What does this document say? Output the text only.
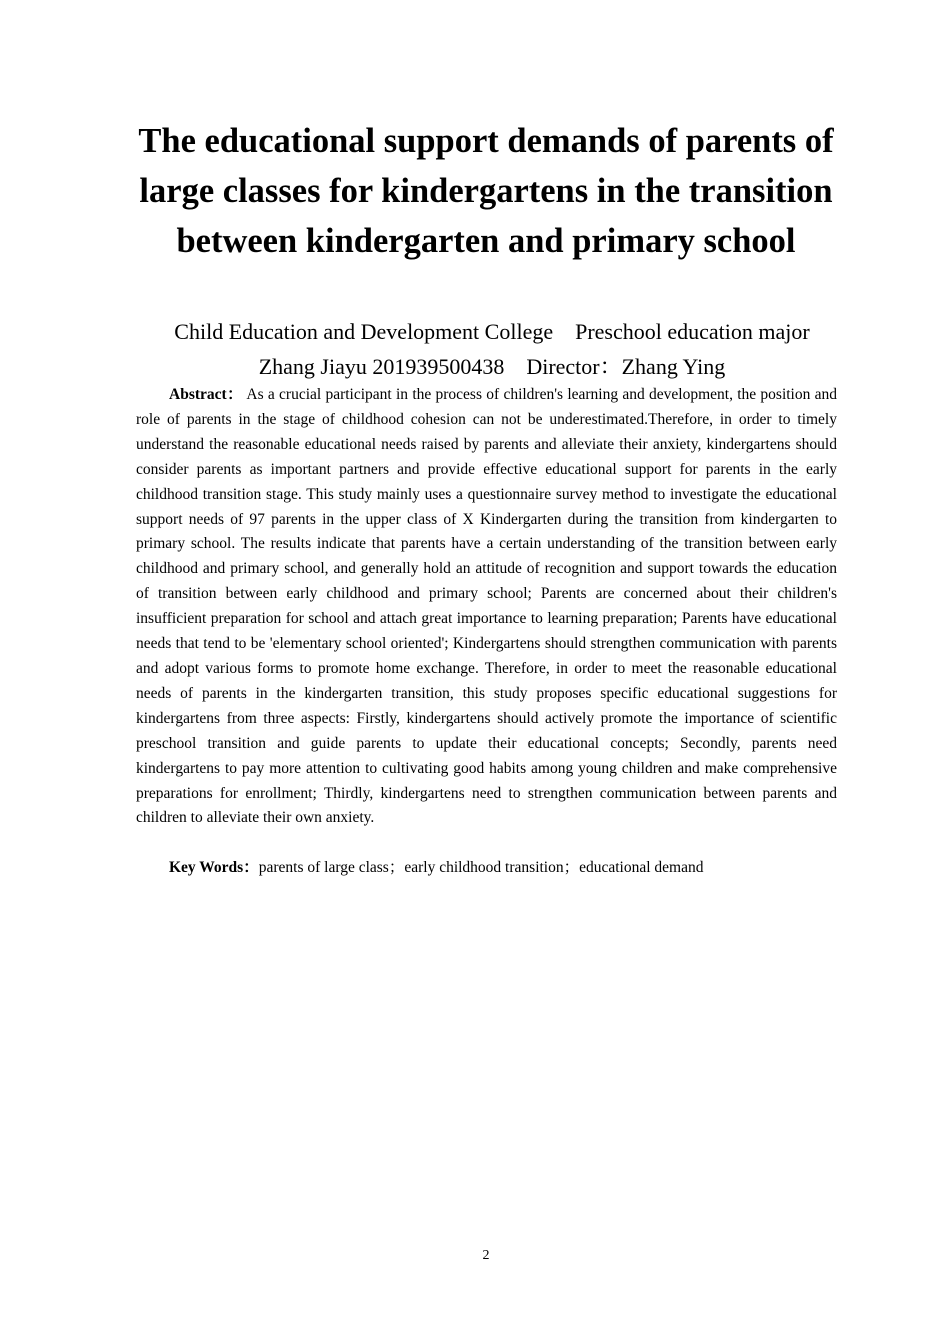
The educational support demands of parents of large classes for kindergartens in the transition between kindergarten and primary school

Child Education and Development College    Preschool education major

Zhang Jiayu 201939500438    Director：Zhang Ying

Abstract： As a crucial participant in the process of children's learning and development, the position and role of parents in the stage of childhood cohesion can not be underestimated.Therefore, in order to timely understand the reasonable educational needs raised by parents and alleviate their anxiety, kindergartens should consider parents as important partners and provide effective educational support for parents in the early childhood transition stage. This study mainly uses a questionnaire survey method to investigate the educational support needs of 97 parents in the upper class of X Kindergarten during the transition from kindergarten to primary school. The results indicate that parents have a certain understanding of the transition between early childhood and primary school, and generally hold an attitude of recognition and support towards the education of transition between early childhood and primary school; Parents are concerned about their children's insufficient preparation for school and attach great importance to learning preparation; Parents have educational needs that tend to be 'elementary school oriented'; Kindergartens should strengthen communication with parents and adopt various forms to promote home exchange. Therefore, in order to meet the reasonable educational needs of parents in the kindergarten transition, this study proposes specific educational suggestions for kindergartens from three aspects: Firstly, kindergartens should actively promote the importance of scientific preschool transition and guide parents to update their educational concepts; Secondly, parents need kindergartens to pay more attention to cultivating good habits among young children and make comprehensive preparations for enrollment; Thirdly, kindergartens need to strengthen communication between parents and children to alleviate their own anxiety.

Key Words：parents of large class；early childhood transition；educational demand

2
